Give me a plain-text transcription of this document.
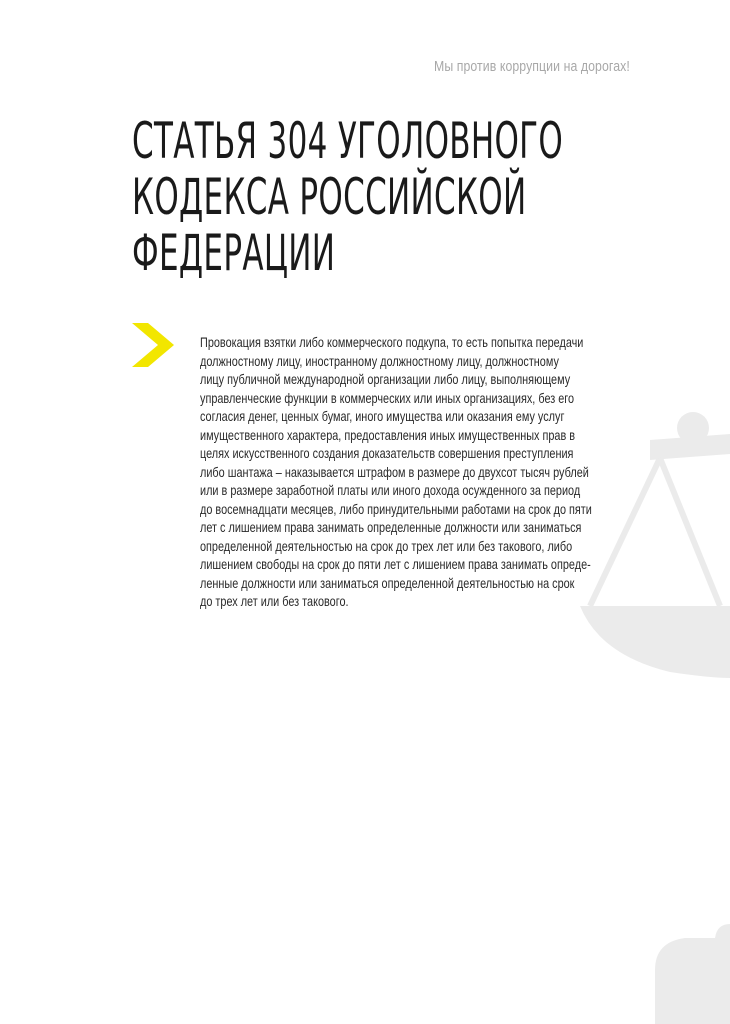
Мы против коррупции на дорогах!
СТАТЬЯ 304 УГОЛОВНОГО
КОДЕКСА РОССИЙСКОЙ
ФЕДЕРАЦИИ
Провокация взятки либо коммерческого подкупа, то есть попытка передачи
должностному лицу, иностранному должностному лицу, должностному
лицу публичной международной организации либо лицу, выполняющему
управленческие функции в коммерческих или иных организациях, без его
согласия денег, ценных бумаг, иного имущества или оказания ему услуг
имущественного характера, предоставления иных имущественных прав в
целях искусственного создания доказательств совершения преступления
либо шантажа – наказывается штрафом в размере до двухсот тысяч рублей
или в размере заработной платы или иного дохода осужденного за период
до восемнадцати месяцев, либо принудительными работами на срок до пяти
лет с лишением права занимать определенные должности или заниматься
определенной деятельностью на срок до трех лет или без такового, либо
лишением свободы на срок до пяти лет с лишением права занимать опреде-
ленные должности или заниматься определенной деятельностью на срок
до трех лет или без такового.
